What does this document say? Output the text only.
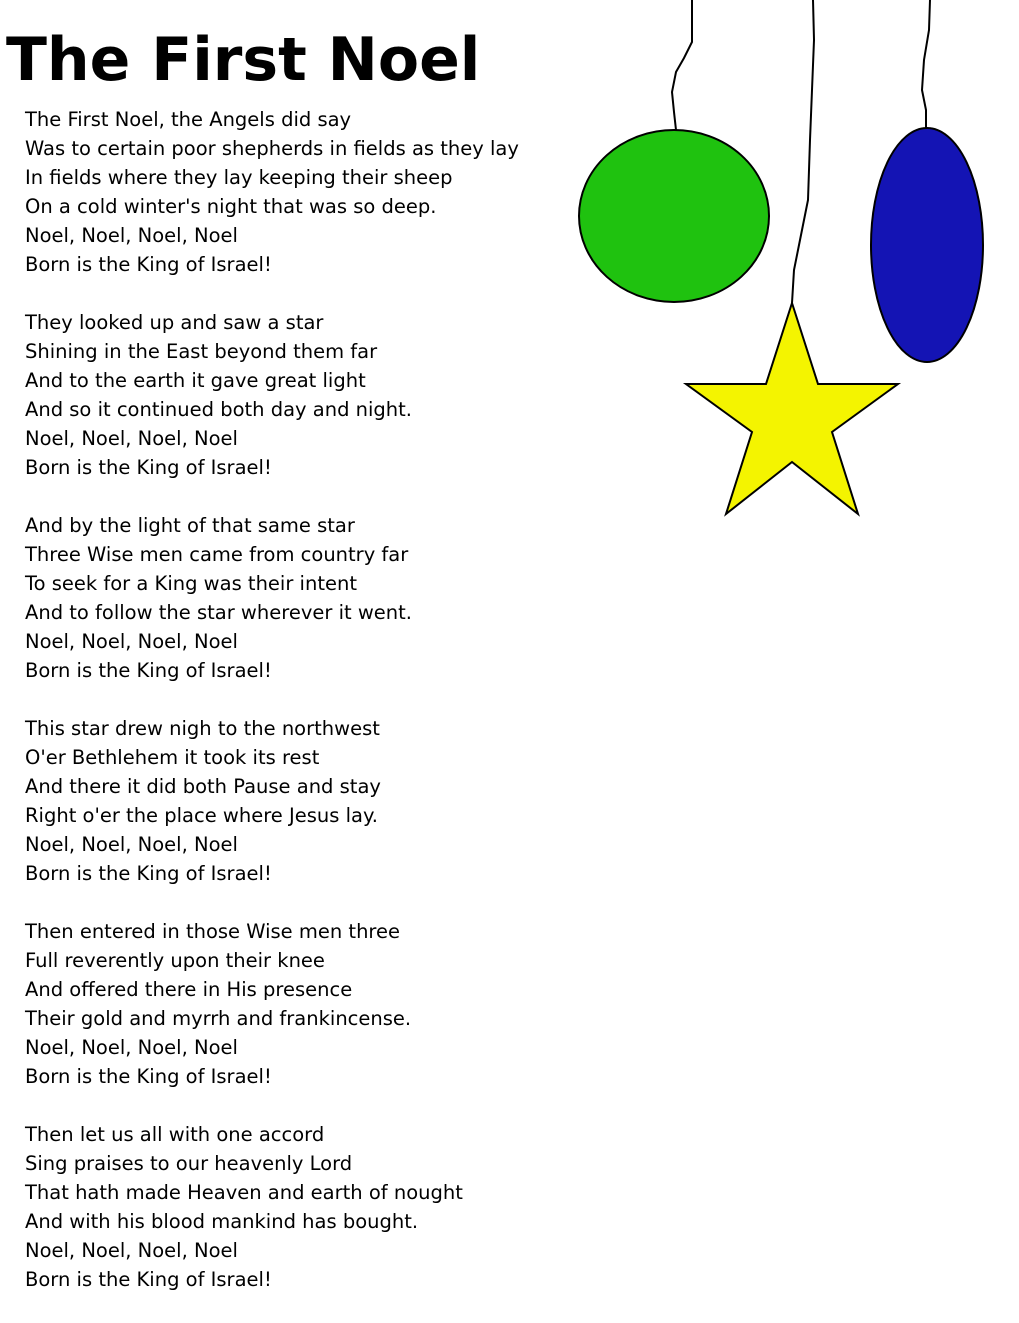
The First Noel
The First Noel, the Angels did say
Was to certain poor shepherds in fields as they lay
In fields where they lay keeping their sheep
On a cold winter's night that was so deep.
Noel, Noel, Noel, Noel
Born is the King of Israel!
They looked up and saw a star
Shining in the East beyond them far
And to the earth it gave great light
And so it continued both day and night.
Noel, Noel, Noel, Noel
Born is the King of Israel!
And by the light of that same star
Three Wise men came from country far
To seek for a King was their intent
And to follow the star wherever it went.
Noel, Noel, Noel, Noel
Born is the King of Israel!
This star drew nigh to the northwest
O'er Bethlehem it took its rest
And there it did both Pause and stay
Right o'er the place where Jesus lay.
Noel, Noel, Noel, Noel
Born is the King of Israel!
Then entered in those Wise men three
Full reverently upon their knee
And offered there in His presence
Their gold and myrrh and frankincense.
Noel, Noel, Noel, Noel
Born is the King of Israel!
Then let us all with one accord
Sing praises to our heavenly Lord
That hath made Heaven and earth of nought
And with his blood mankind has bought.
Noel, Noel, Noel, Noel
Born is the King of Israel!
